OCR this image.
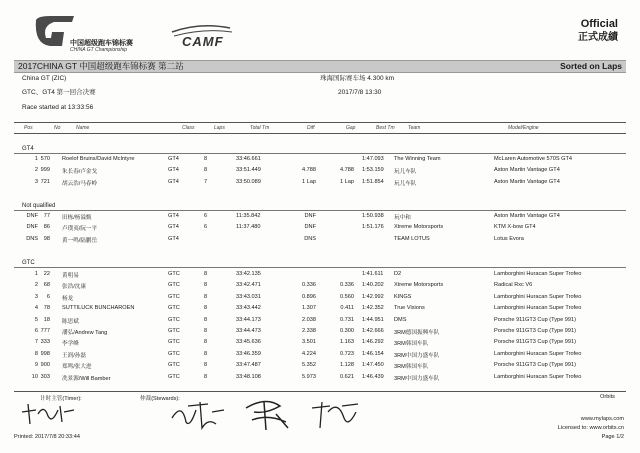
中国超级跑车锦标赛
CHINA GT Championship
CAMF
Official
正式成績
2017CHINA GT 中国超级跑车锦标赛 第二站	Sorted on Laps
China GT (ZIC)	珠海国际赛车场 4.300 km
GTC、GT4 第一回合决赛	2017/7/8 13:30
Race started at 13:33:56
Pos	No	Name	Class	Laps	Total Tm	Diff	Gap	Best Tm	Team	Model/Engine
GT4
1 570 Roelof Bruins/David McIntyre	GT4	8	33:46.661	1:47.093 The Winning Team	McLaren Automotive 570S GT4
2 999 朱长春/卢金戈	GT4	8	33:51.449	4.788	4.788 1:53.159 玩儿车队	Aston Martin Vantage GT4
3 721 胡云浩/马春岭	GT4	7	33:50.089	1 Lap	1 Lap 1:51.854 玩儿车队	Aston Martin Vantage GT4
Not qualified
DNF 77 田栋/杨溢甄	GT4	6	11:35.842	DNF	1:50.938 玩中和	Aston Martin Vantage GT4
DNF 86 卢璞夷/阮一平	GT4	6	11:37.480	DNF	1:51.176 Xtreme Motorsports	KTM X-bow GT4
DNS 98 黄一鸣/陆鹏岳	GT4	DNS	TEAM LOTUS	Lotus Evora
GTC
1 22 黄明易	GTC	8	33:42.135	1:41.611 D2	Lamborghini Huracan Super Trofeo
2 68 张浩/沈康	GTC	8	33:42.471	0.336	0.336 1:40.202 Xtreme Motorsports	Radical Rxc V6
3 6 杨龙	GTC	8	33:43.031	0.896	0.560 1:42.992 KINGS	Lamborghini Huracan Super Trofeo
4 78 SUTTILUCK BUNCHAROEN	GTC	8	33:43.442	1.307	0.411 1:42.352 True Visions	Lamborghini Huracan Super Trofeo
5 18 陈思斌	GTC	8	33:44.173	2.038	0.731 1:44.951 DMS	Porsche 911GT3 Cup (Type 991)
6 777 潘弘/Andrew Tang	GTC	8	33:44.473	2.338	0.300 1:42.666 3RM德国振興车队	Porsche 911GT3 Cup (Type 991)
7 333 李学峰	GTC	8	33:45.636	3.501	1.163 1:46.292 3RM韩国车队	Porsche 911GT3 Cup (Type 991)
8 998 王润/孙磊	GTC	8	33:46.359	4.224	0.723 1:46.154 3RM中国力盛车队	Lamborghini Huracan Super Trofeo
9 900 郑鸣/张大进	GTC	8	33:47.487	5.352	1.128 1:47.450 3RM韩国车队	Porsche 911GT3 Cup (Type 991)
10 303 冼景源/Will Bamber	GTC	8	33:48.108	5.973	0.621 1:46.439 3RM中国力盛车队	Lamborghini Huracan Super Trofeo
计时主管(Timer):	仲裁(Stewards):	Orbits
Printed: 2017/7/8 20:33:44
www.mylaps.com
Licensed to: www.orbits.cn
Page 1/2
